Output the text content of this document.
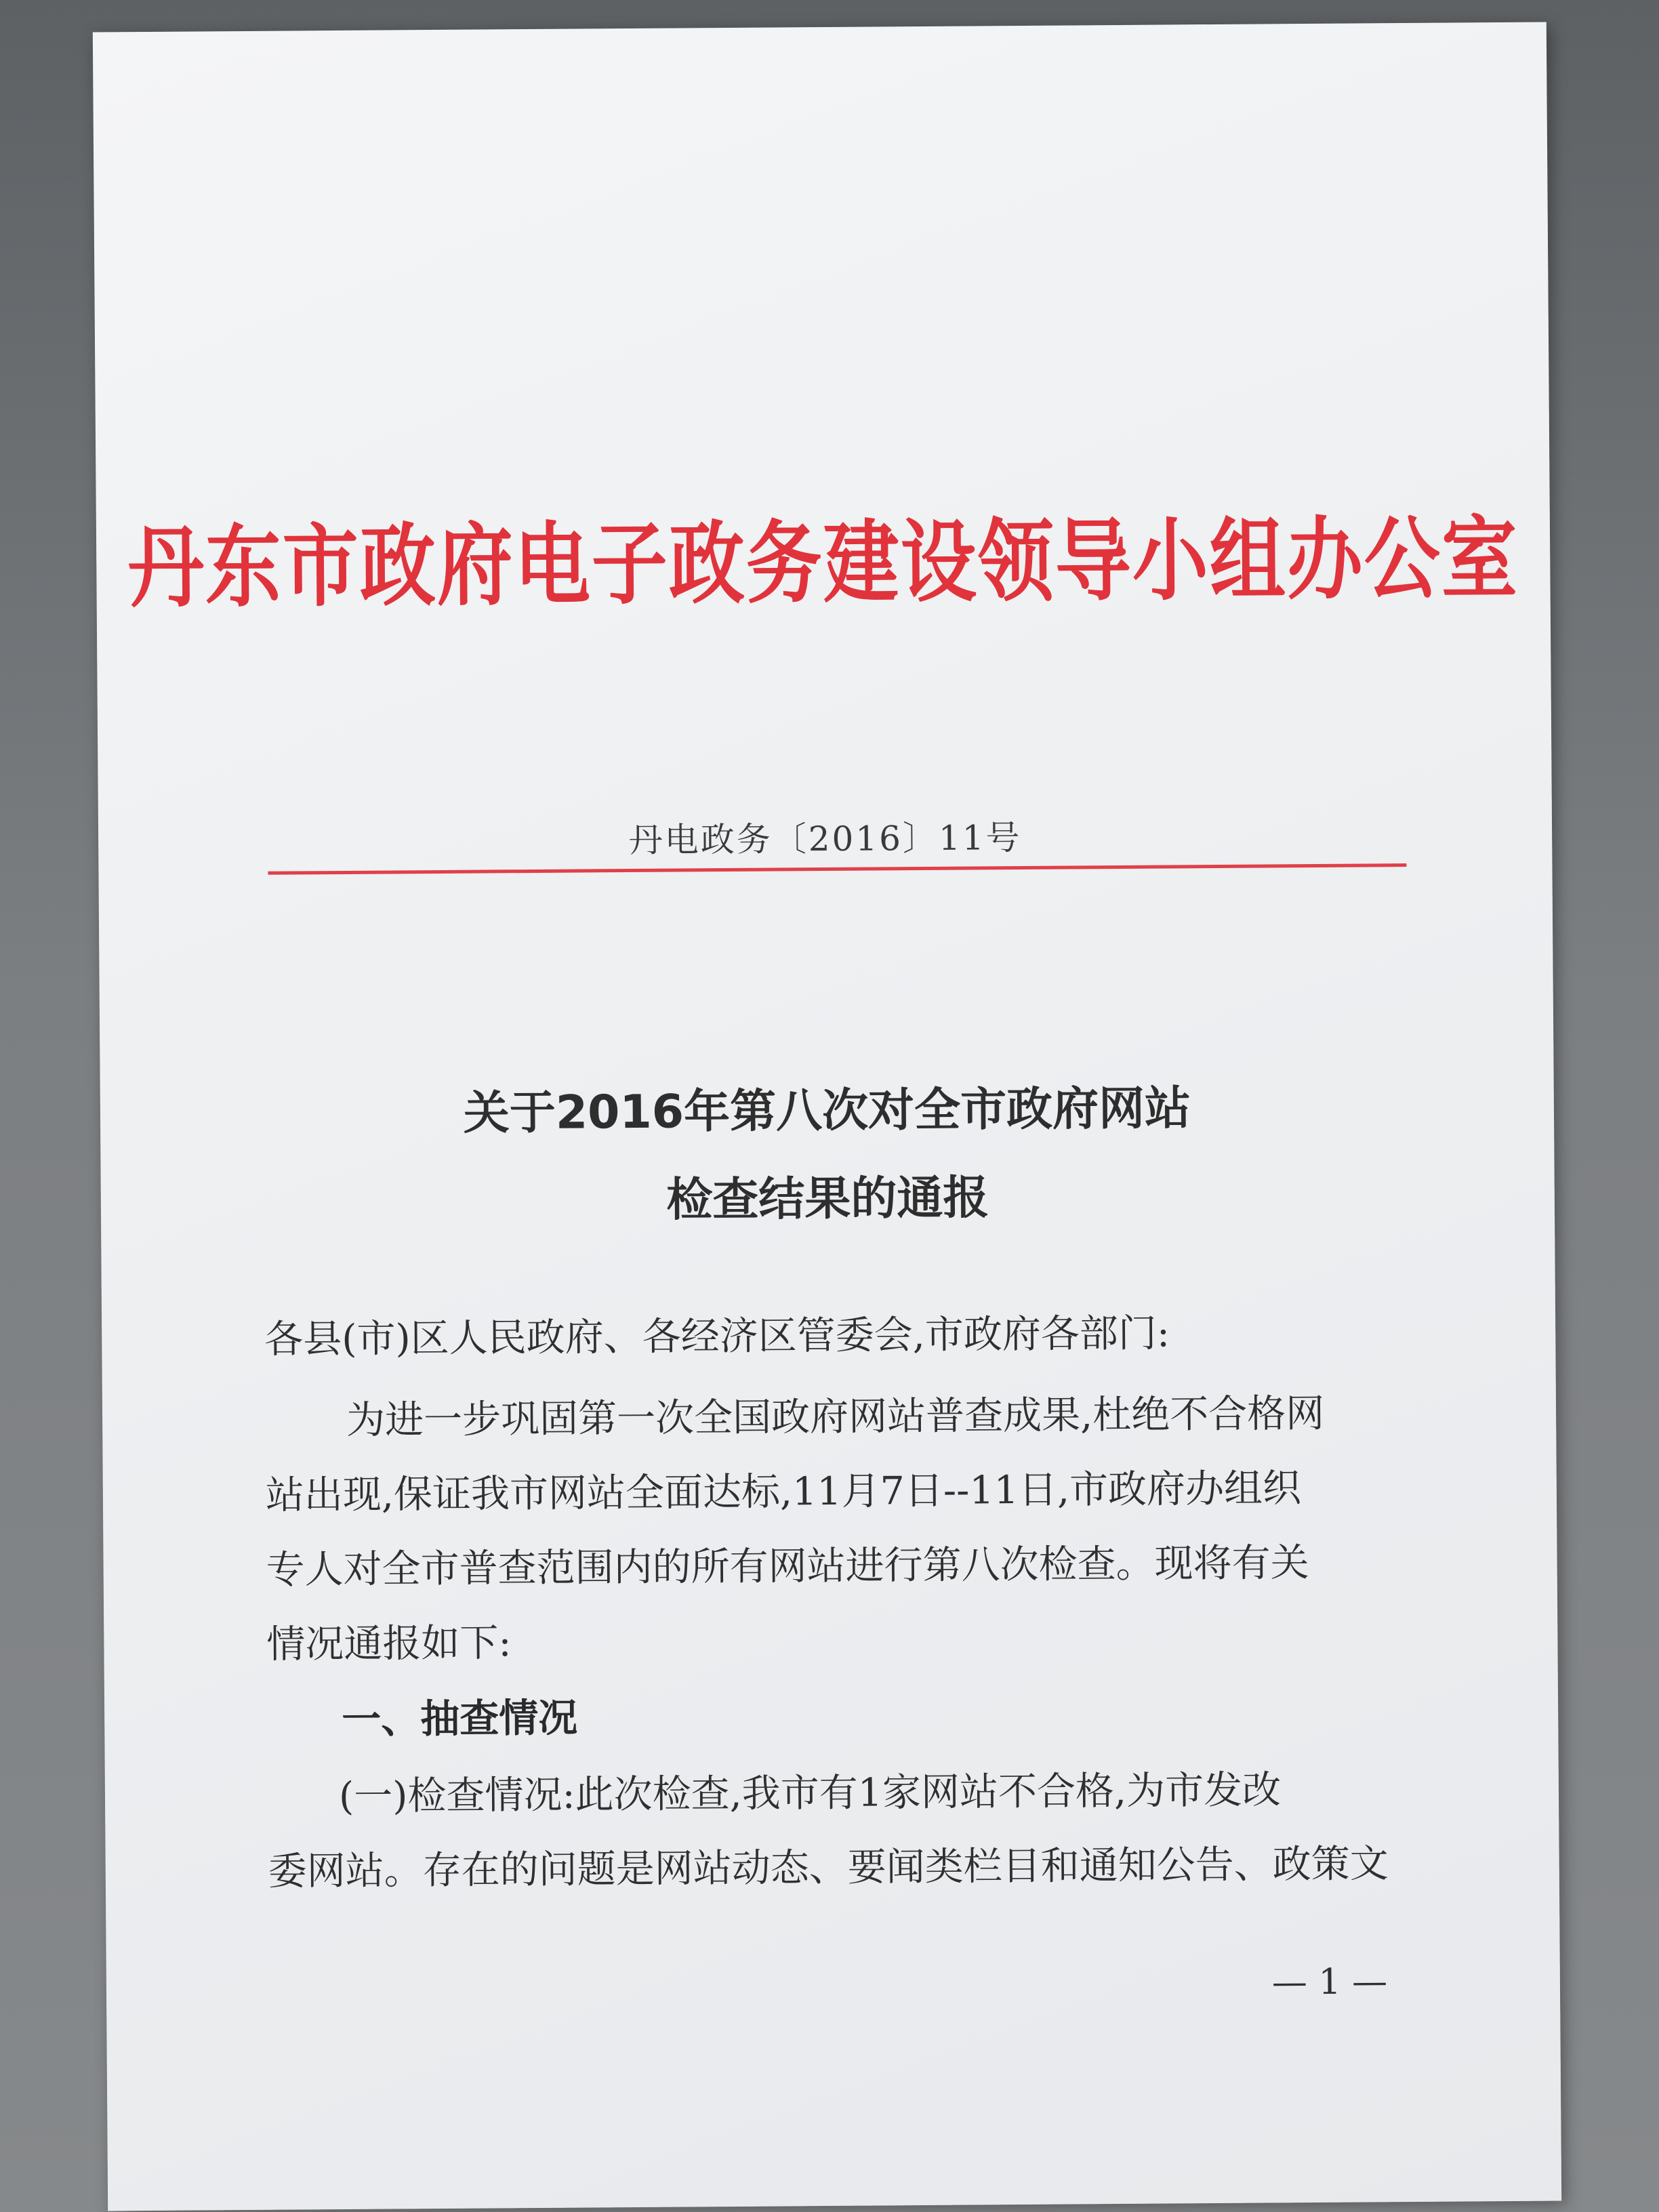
丹东市政府电子政务建设领导小组办公室
丹电政务〔2016〕11号
关于2016年第八次对全市政府网站
检查结果的通报
各县(市)区人民政府、各经济区管委会,市政府各部门:
为进一步巩固第一次全国政府网站普查成果,杜绝不合格网
站出现,保证我市网站全面达标,11月7日--11日,市政府办组织
专人对全市普查范围内的所有网站进行第八次检查。现将有关
情况通报如下:
一、抽查情况
(一)检查情况:此次检查,我市有1家网站不合格,为市发改
委网站。存在的问题是网站动态、要闻类栏目和通知公告、政策文
— 1 —
